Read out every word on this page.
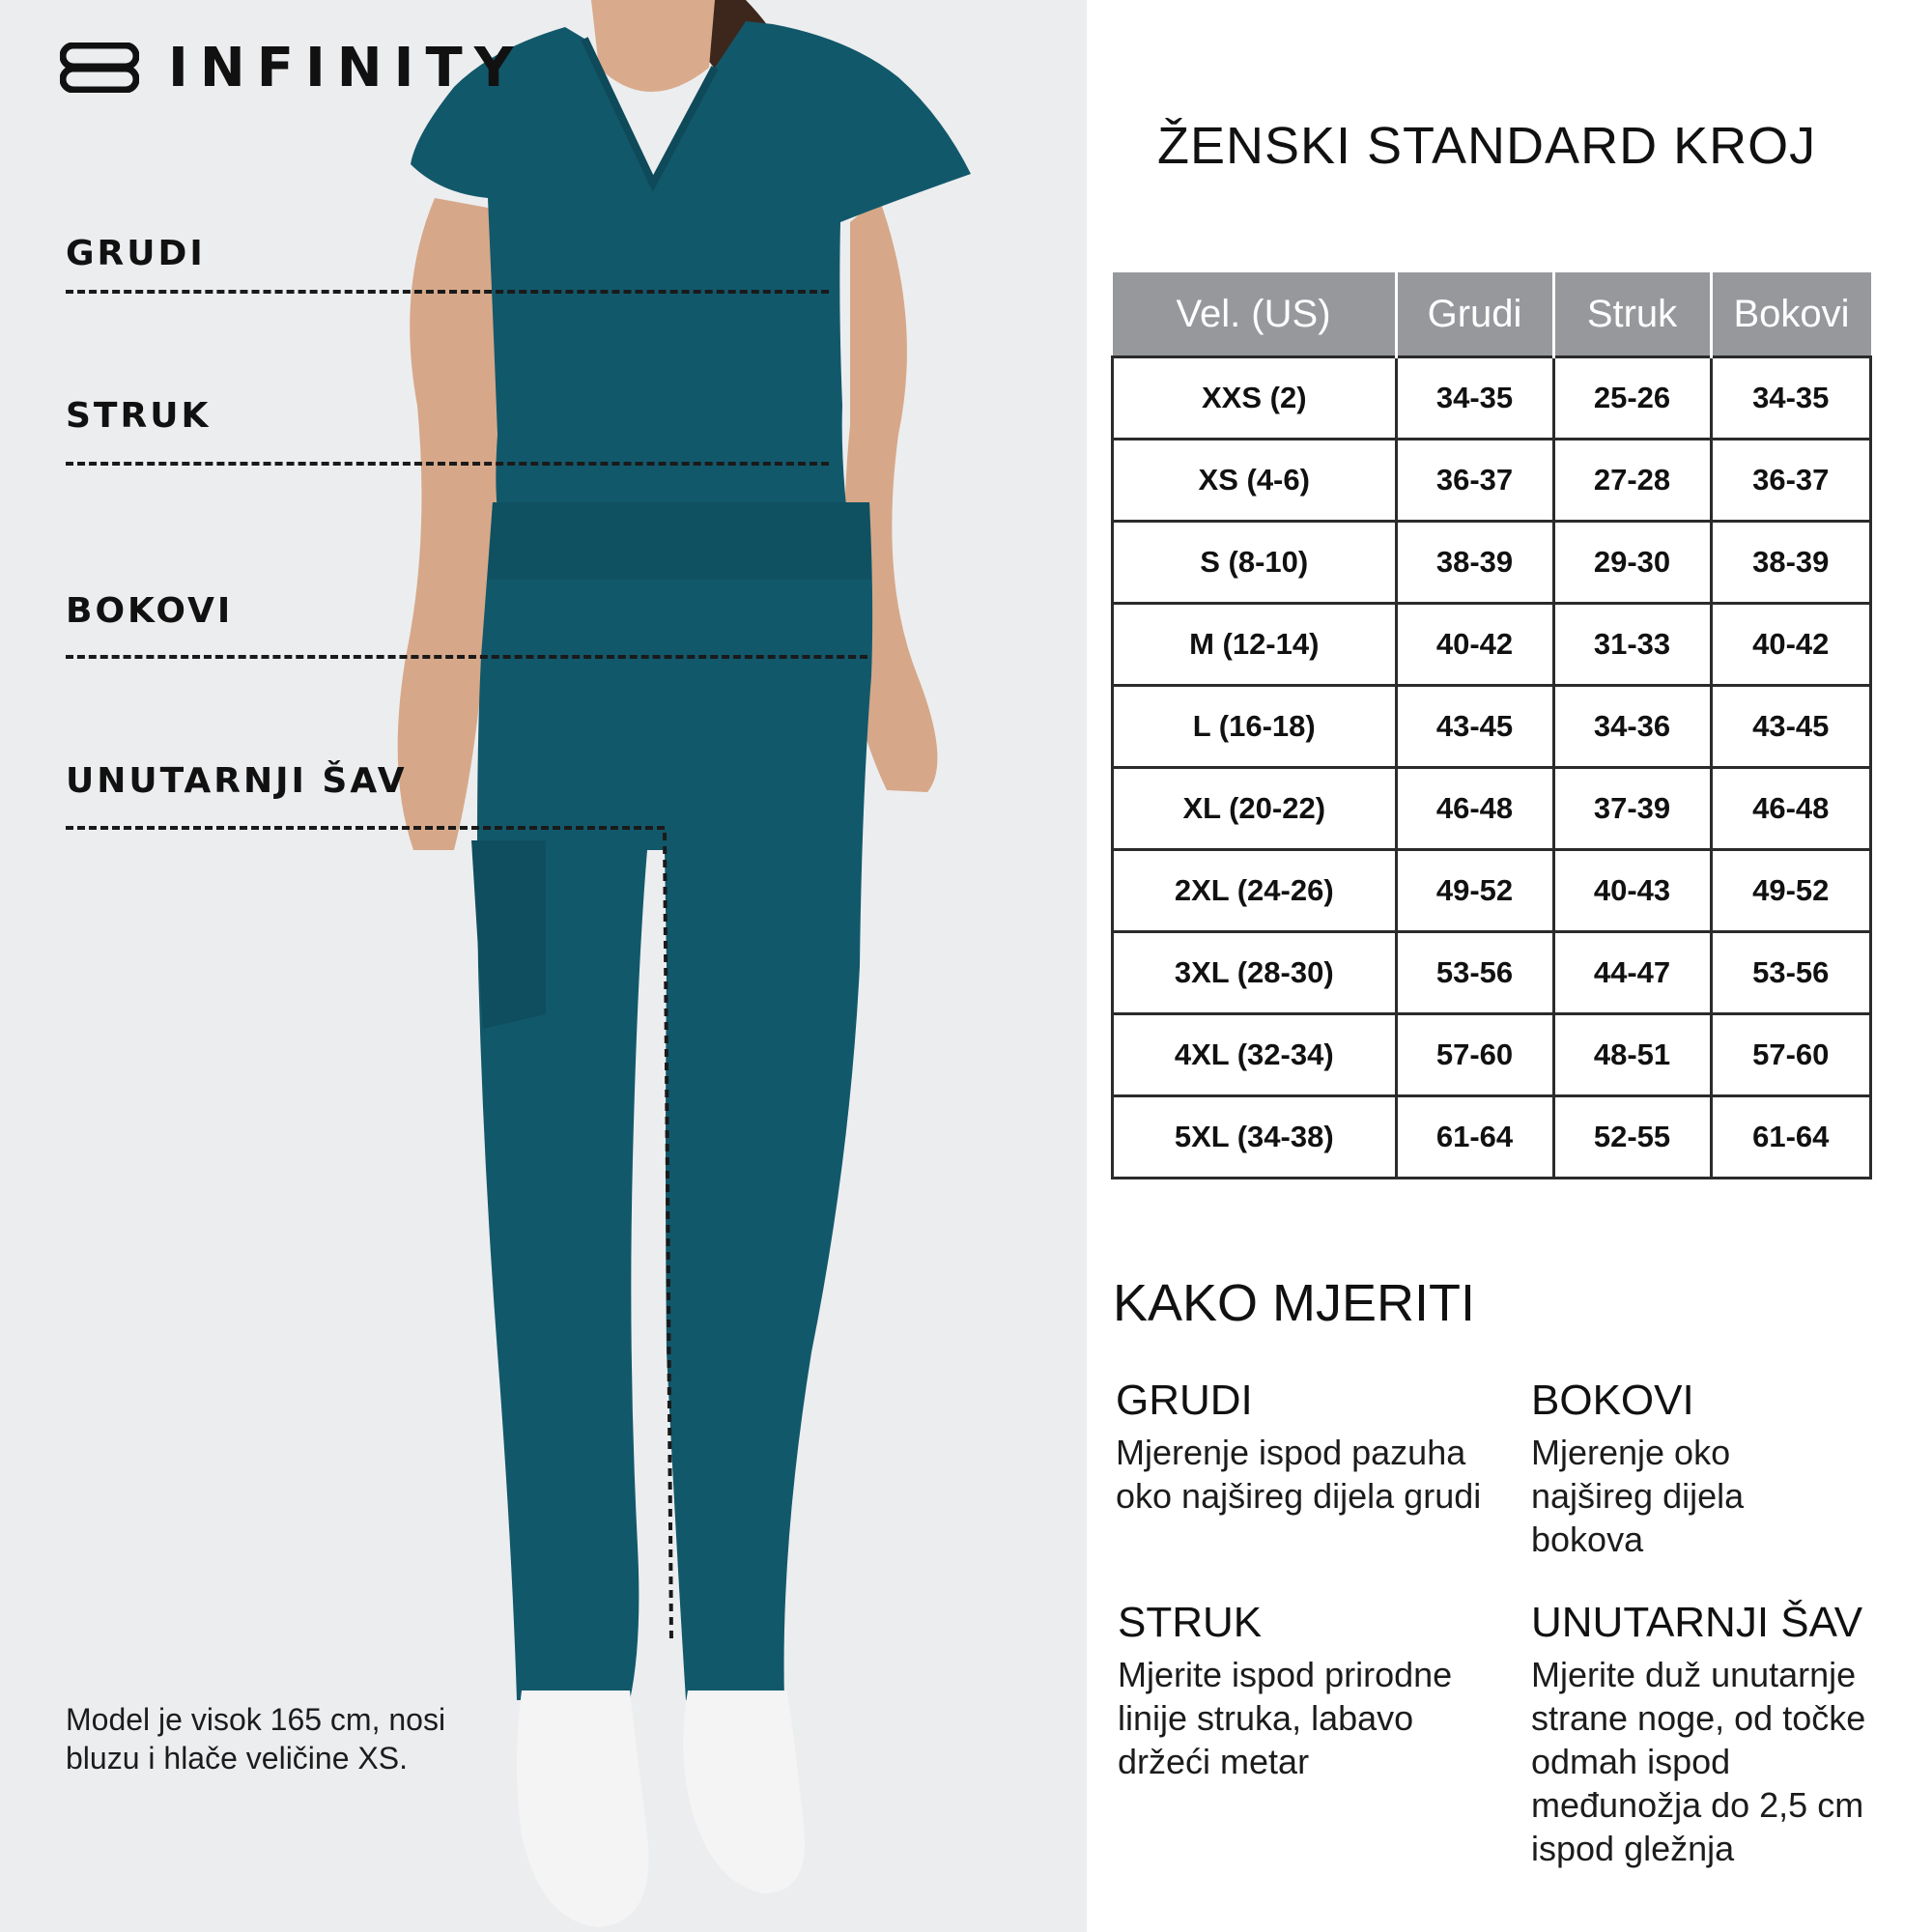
INFINITY
GRUDI
STRUK
BOKOVI
UNUTARNJI ŠAV
Model je visok 165 cm, nosi bluzu i hlače veličine XS.
ŽENSKI STANDARD KROJ
Vel. (US)	Grudi	Struk	Bokovi
XXS (2)	34-35	25-26	34-35
XS (4-6)	36-37	27-28	36-37
S (8-10)	38-39	29-30	38-39
M (12-14)	40-42	31-33	40-42
L (16-18)	43-45	34-36	43-45
XL (20-22)	46-48	37-39	46-48
2XL (24-26)	49-52	40-43	49-52
3XL (28-30)	53-56	44-47	53-56
4XL (32-34)	57-60	48-51	57-60
5XL (34-38)	61-64	52-55	61-64
KAKO MJERITI
GRUDI

Mjerenje ispod pazuha oko najšireg dijela grudi

BOKOVI

Mjerenje oko najšireg dijela bokova

STRUK

Mjerite ispod prirodne linije struka, labavo držeći metar

UNUTARNJI ŠAV

Mjerite duž unutarnje strane noge, od točke odmah ispod međunožja do 2,5 cm ispod gležnja
